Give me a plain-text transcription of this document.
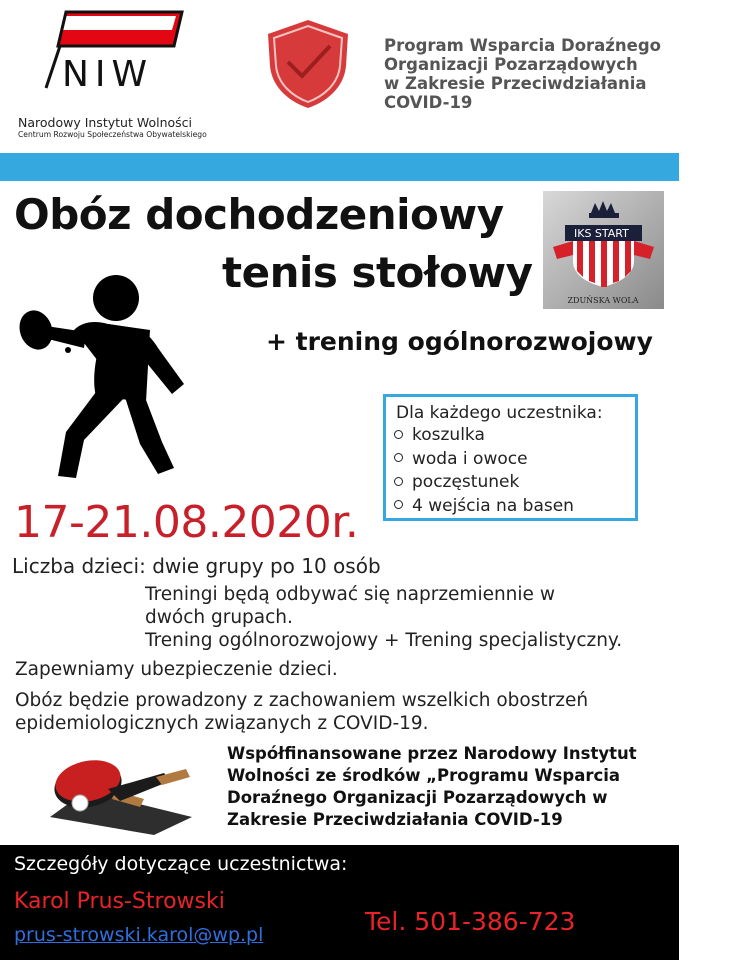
NIW
Narodowy Instytut Wolności
Centrum Rozwoju Społeczeństwa Obywatelskiego
Program Wsparcia Doraźnego
Organizacji Pozarządowych
w Zakresie Przeciwdziałania
COVID-19
Obóz dochodzeniowy
tenis stołowy
IKS START
ZDUŃSKA WOLA
+ trening ogólnorozwojowy
Dla każdego uczestnika:
koszulka
woda i owoce
poczęstunek
4 wejścia na basen
17-21.08.2020r.
Liczba dzieci: dwie grupy po 10 osób
Treningi będą odbywać się naprzemiennie w
dwóch grupach.
Trening ogólnorozwojowy + Trening specjalistyczny.
Zapewniamy ubezpieczenie dzieci.
Obóz będzie prowadzony z zachowaniem wszelkich obostrzeń
epidemiologicznych związanych z COVID-19.
Współfinansowane przez Narodowy Instytut
Wolności ze środków „Programu Wsparcia
Doraźnego Organizacji Pozarządowych w
Zakresie Przeciwdziałania COVID-19
Szczegóły dotyczące uczestnictwa:
Karol Prus-Strowski
prus-strowski.karol@wp.pl	Tel. 501-386-723
